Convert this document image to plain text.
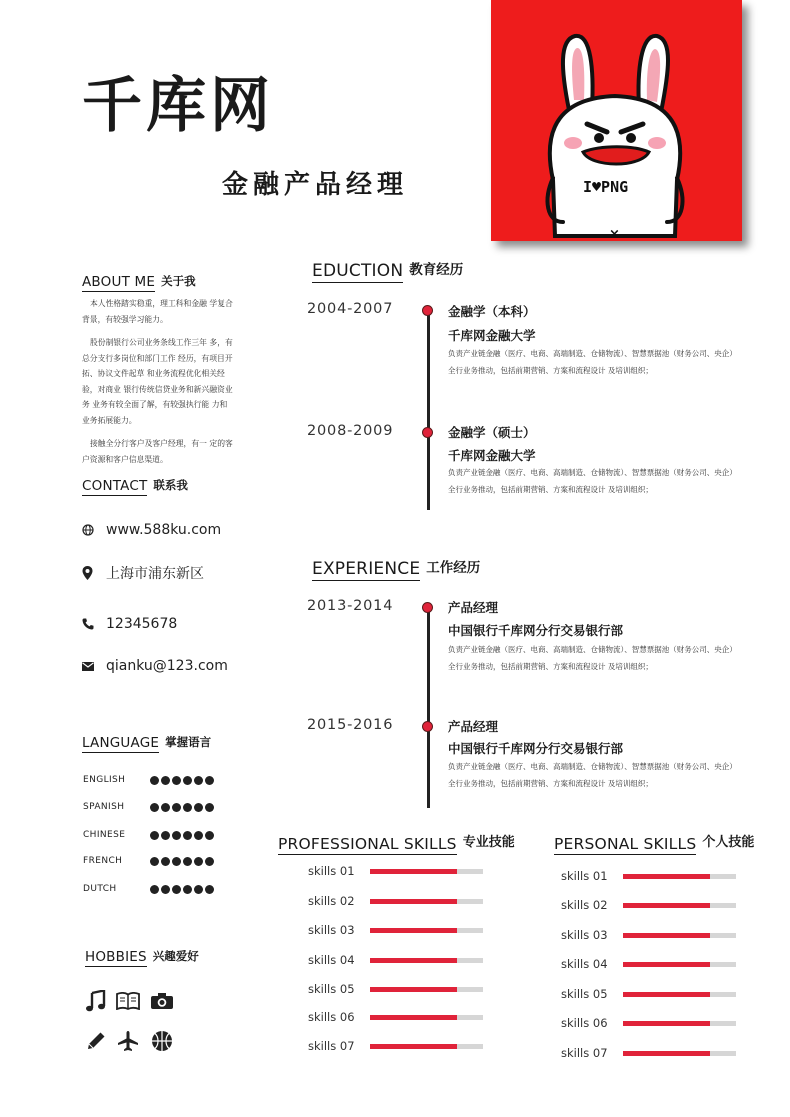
千库网
金融产品经理
×
I♥PNG
ABOUT ME 关于我

本人性格踏实稳重，理工科和金融 学复合背景，有较强学习能力。

股份制银行公司业务条线工作三年 多，有总分支行多岗位和部门工作 经历，有项目开拓、协议文件起草 和业务流程优化相关经验，对商业 银行传统信贷业务和新兴融资业务 业务有较全面了解，有较强执行能 力和业务拓展能力。

接触全分行客户及客户经理，有一 定的客户资源和客户信息渠道。

CONTACT 联系我
www.588ku.com
上海市浦东新区
12345678
qianku@123.com
LANGUAGE 掌握语言
ENGLISH
SPANISH
CHINESE
FRENCH
DUTCH
HOBBIES 兴趣爱好
EDUCTION 教育经历
2004-2007	金融学（本科）
千库网金融大学
负责产业链金融（医疗、电商、高端制造、仓储物流）、智慧票据池（财务公司、央企）全行业务推动，包括前期营销、方案和流程设计 及培训组织；
2008-2009	金融学（硕士）
千库网金融大学
负责产业链金融（医疗、电商、高端制造、仓储物流）、智慧票据池（财务公司、央企）全行业务推动，包括前期营销、方案和流程设计 及培训组织；
EXPERIENCE 工作经历
2013-2014	产品经理
中国银行千库网分行交易银行部
负责产业链金融（医疗、电商、高端制造、仓储物流）、智慧票据池（财务公司、央企）全行业务推动，包括前期营销、方案和流程设计 及培训组织；
2015-2016	产品经理
中国银行千库网分行交易银行部
负责产业链金融（医疗、电商、高端制造、仓储物流）、智慧票据池（财务公司、央企）全行业务推动，包括前期营销、方案和流程设计 及培训组织；
PROFESSIONAL SKILLS 专业技能	PERSONAL SKILLS 个人技能
skills 01
skills 02
skills 03
skills 04
skills 05
skills 06
skills 07
skills 01
skills 02
skills 03
skills 04
skills 05
skills 06
skills 07
